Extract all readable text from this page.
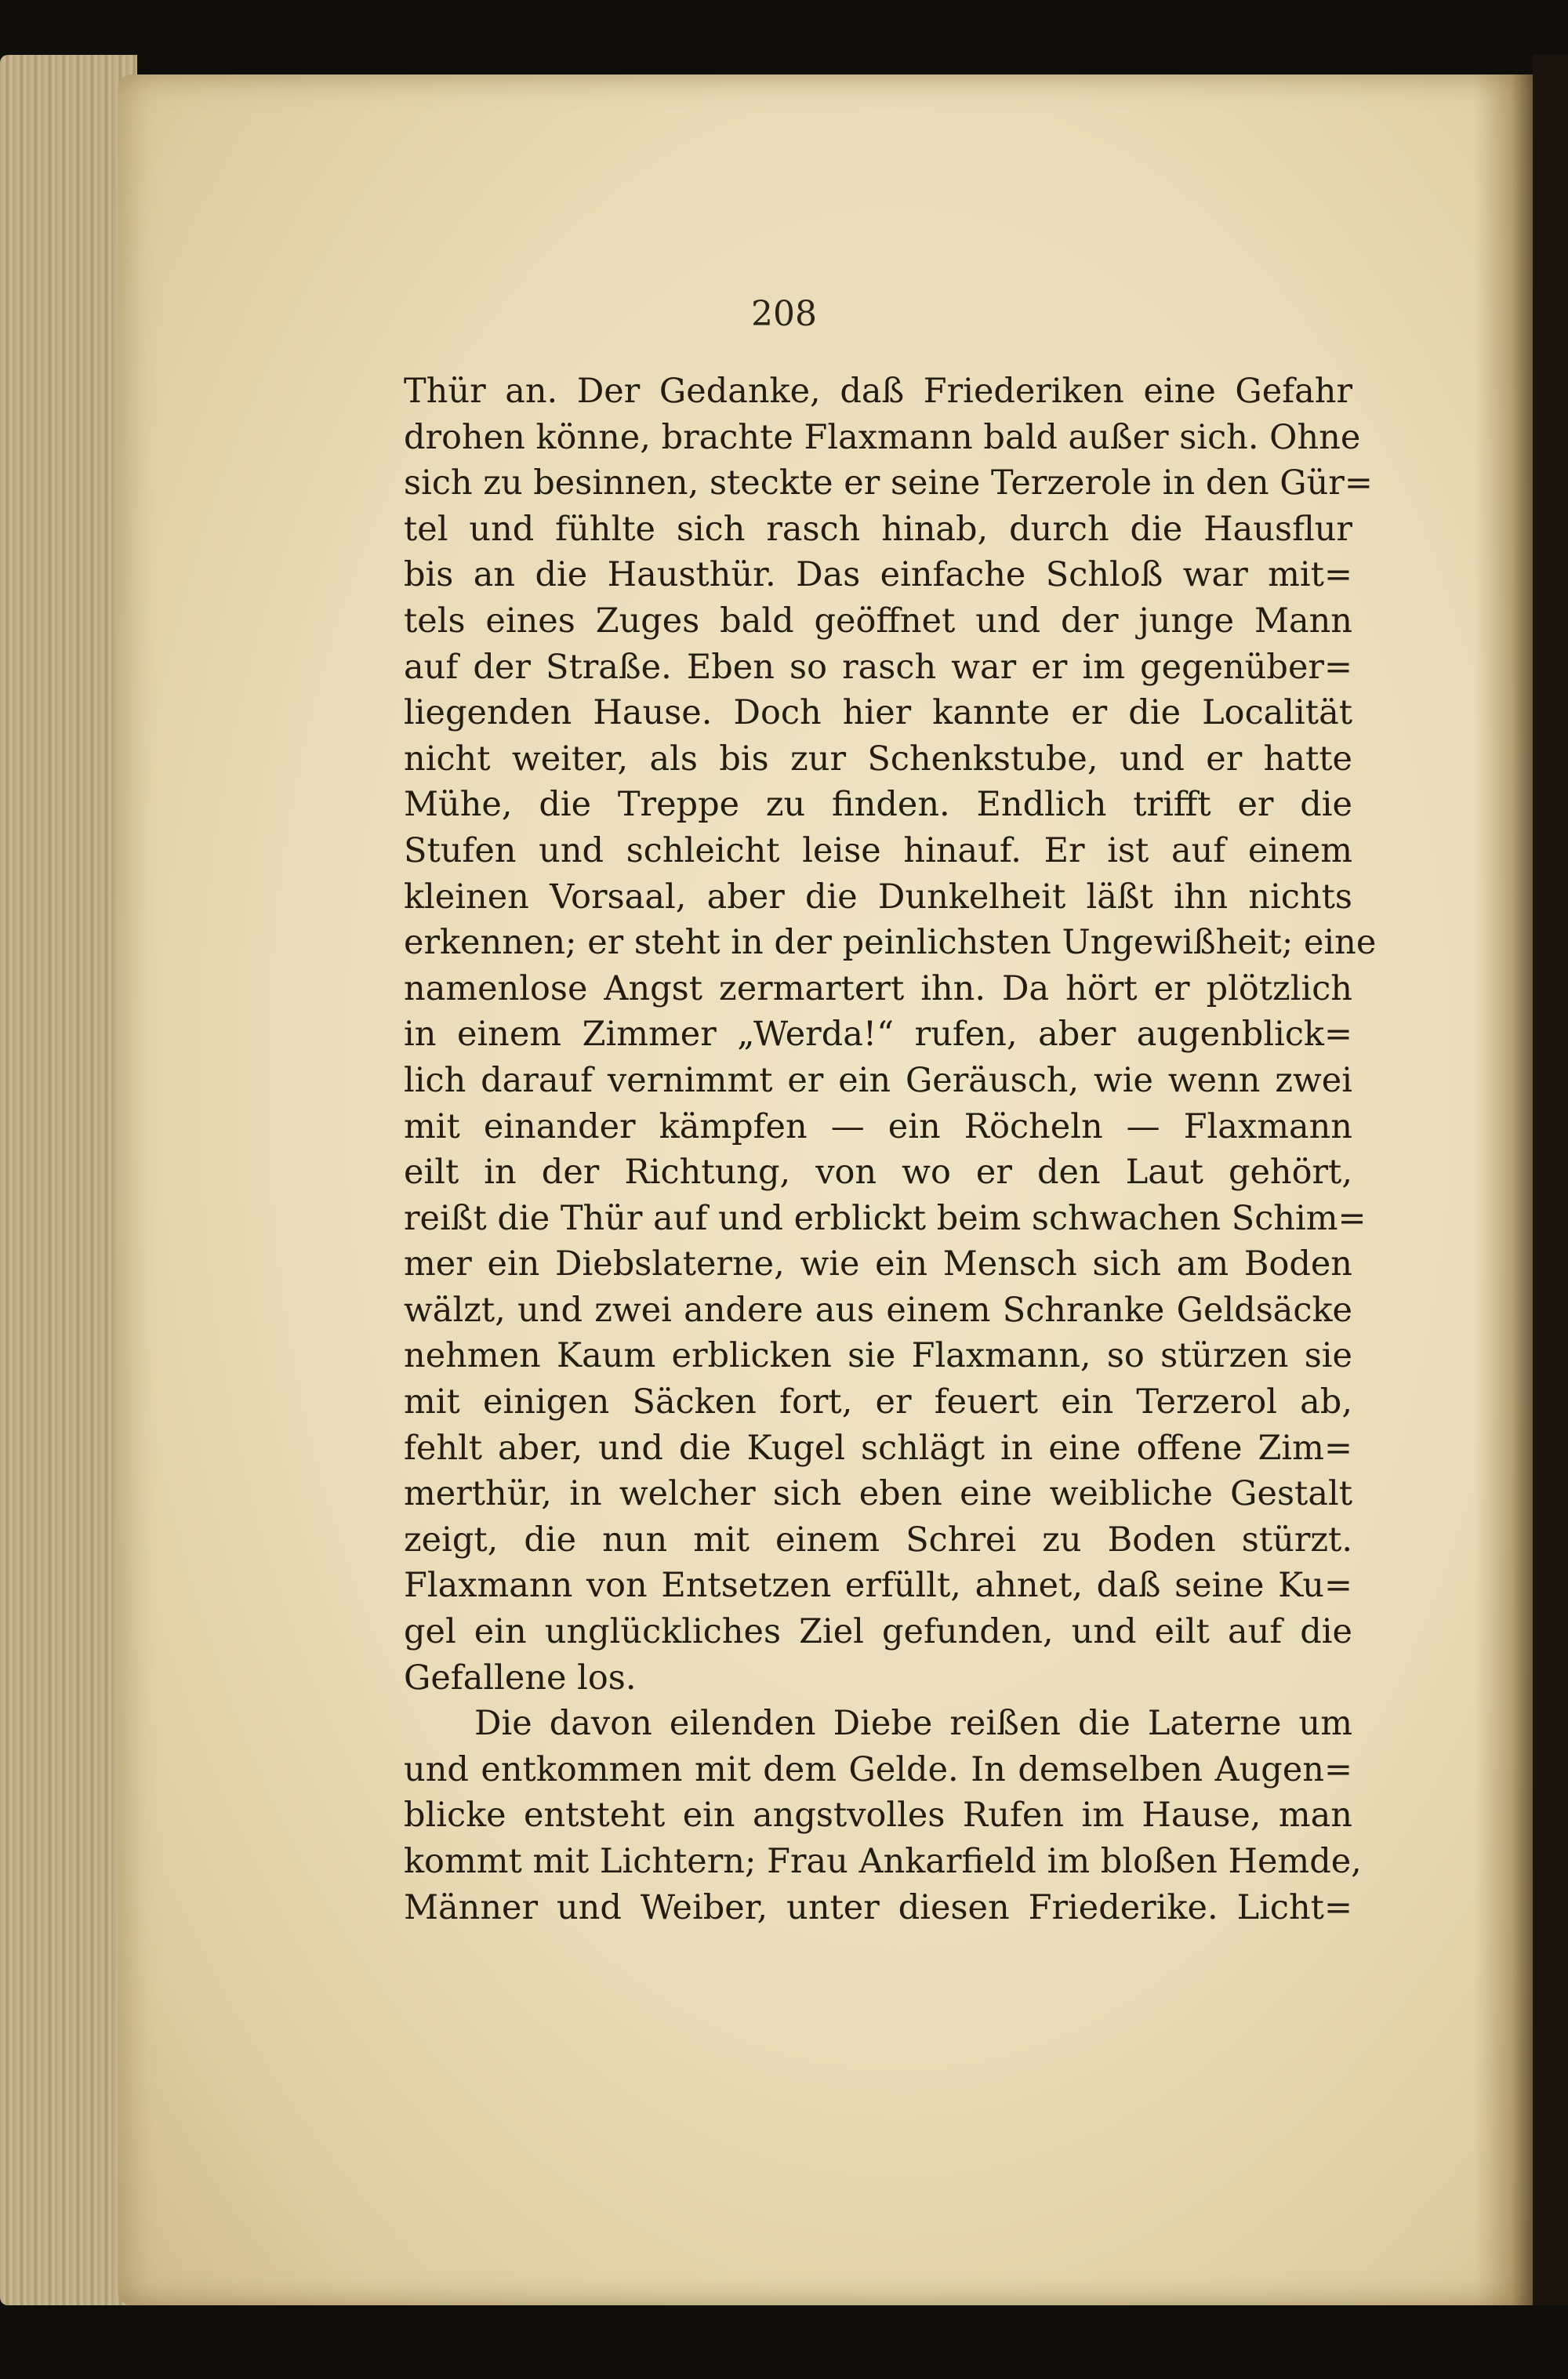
208
Thür an. Der Gedanke, daß Friederiken eine Gefahr
drohen könne, brachte Flaxmann bald außer sich. Ohne
sich zu besinnen, steckte er seine Terzerole in den Gür=
tel und fühlte sich rasch hinab, durch die Hausflur
bis an die Hausthür. Das einfache Schloß war mit=
tels eines Zuges bald geöffnet und der junge Mann
auf der Straße. Eben so rasch war er im gegenüber=
liegenden Hause. Doch hier kannte er die Localität
nicht weiter, als bis zur Schenkstube, und er hatte
Mühe, die Treppe zu finden. Endlich trifft er die
Stufen und schleicht leise hinauf. Er ist auf einem
kleinen Vorsaal, aber die Dunkelheit läßt ihn nichts
erkennen; er steht in der peinlichsten Ungewißheit; eine
namenlose Angst zermartert ihn. Da hört er plötzlich
in einem Zimmer „Werda!“ rufen, aber augenblick=
lich darauf vernimmt er ein Geräusch, wie wenn zwei
mit einander kämpfen — ein Röcheln — Flaxmann
eilt in der Richtung, von wo er den Laut gehört,
reißt die Thür auf und erblickt beim schwachen Schim=
mer ein Diebslaterne, wie ein Mensch sich am Boden
wälzt, und zwei andere aus einem Schranke Geldsäcke
nehmen Kaum erblicken sie Flaxmann, so stürzen sie
mit einigen Säcken fort, er feuert ein Terzerol ab,
fehlt aber, und die Kugel schlägt in eine offene Zim=
merthür, in welcher sich eben eine weibliche Gestalt
zeigt, die nun mit einem Schrei zu Boden stürzt.
Flaxmann von Entsetzen erfüllt, ahnet, daß seine Ku=
gel ein unglückliches Ziel gefunden, und eilt auf die
Gefallene los.
Die davon eilenden Diebe reißen die Laterne um
und entkommen mit dem Gelde. In demselben Augen=
blicke entsteht ein angstvolles Rufen im Hause, man
kommt mit Lichtern; Frau Ankarfield im bloßen Hemde,
Männer und Weiber, unter diesen Friederike. Licht=
